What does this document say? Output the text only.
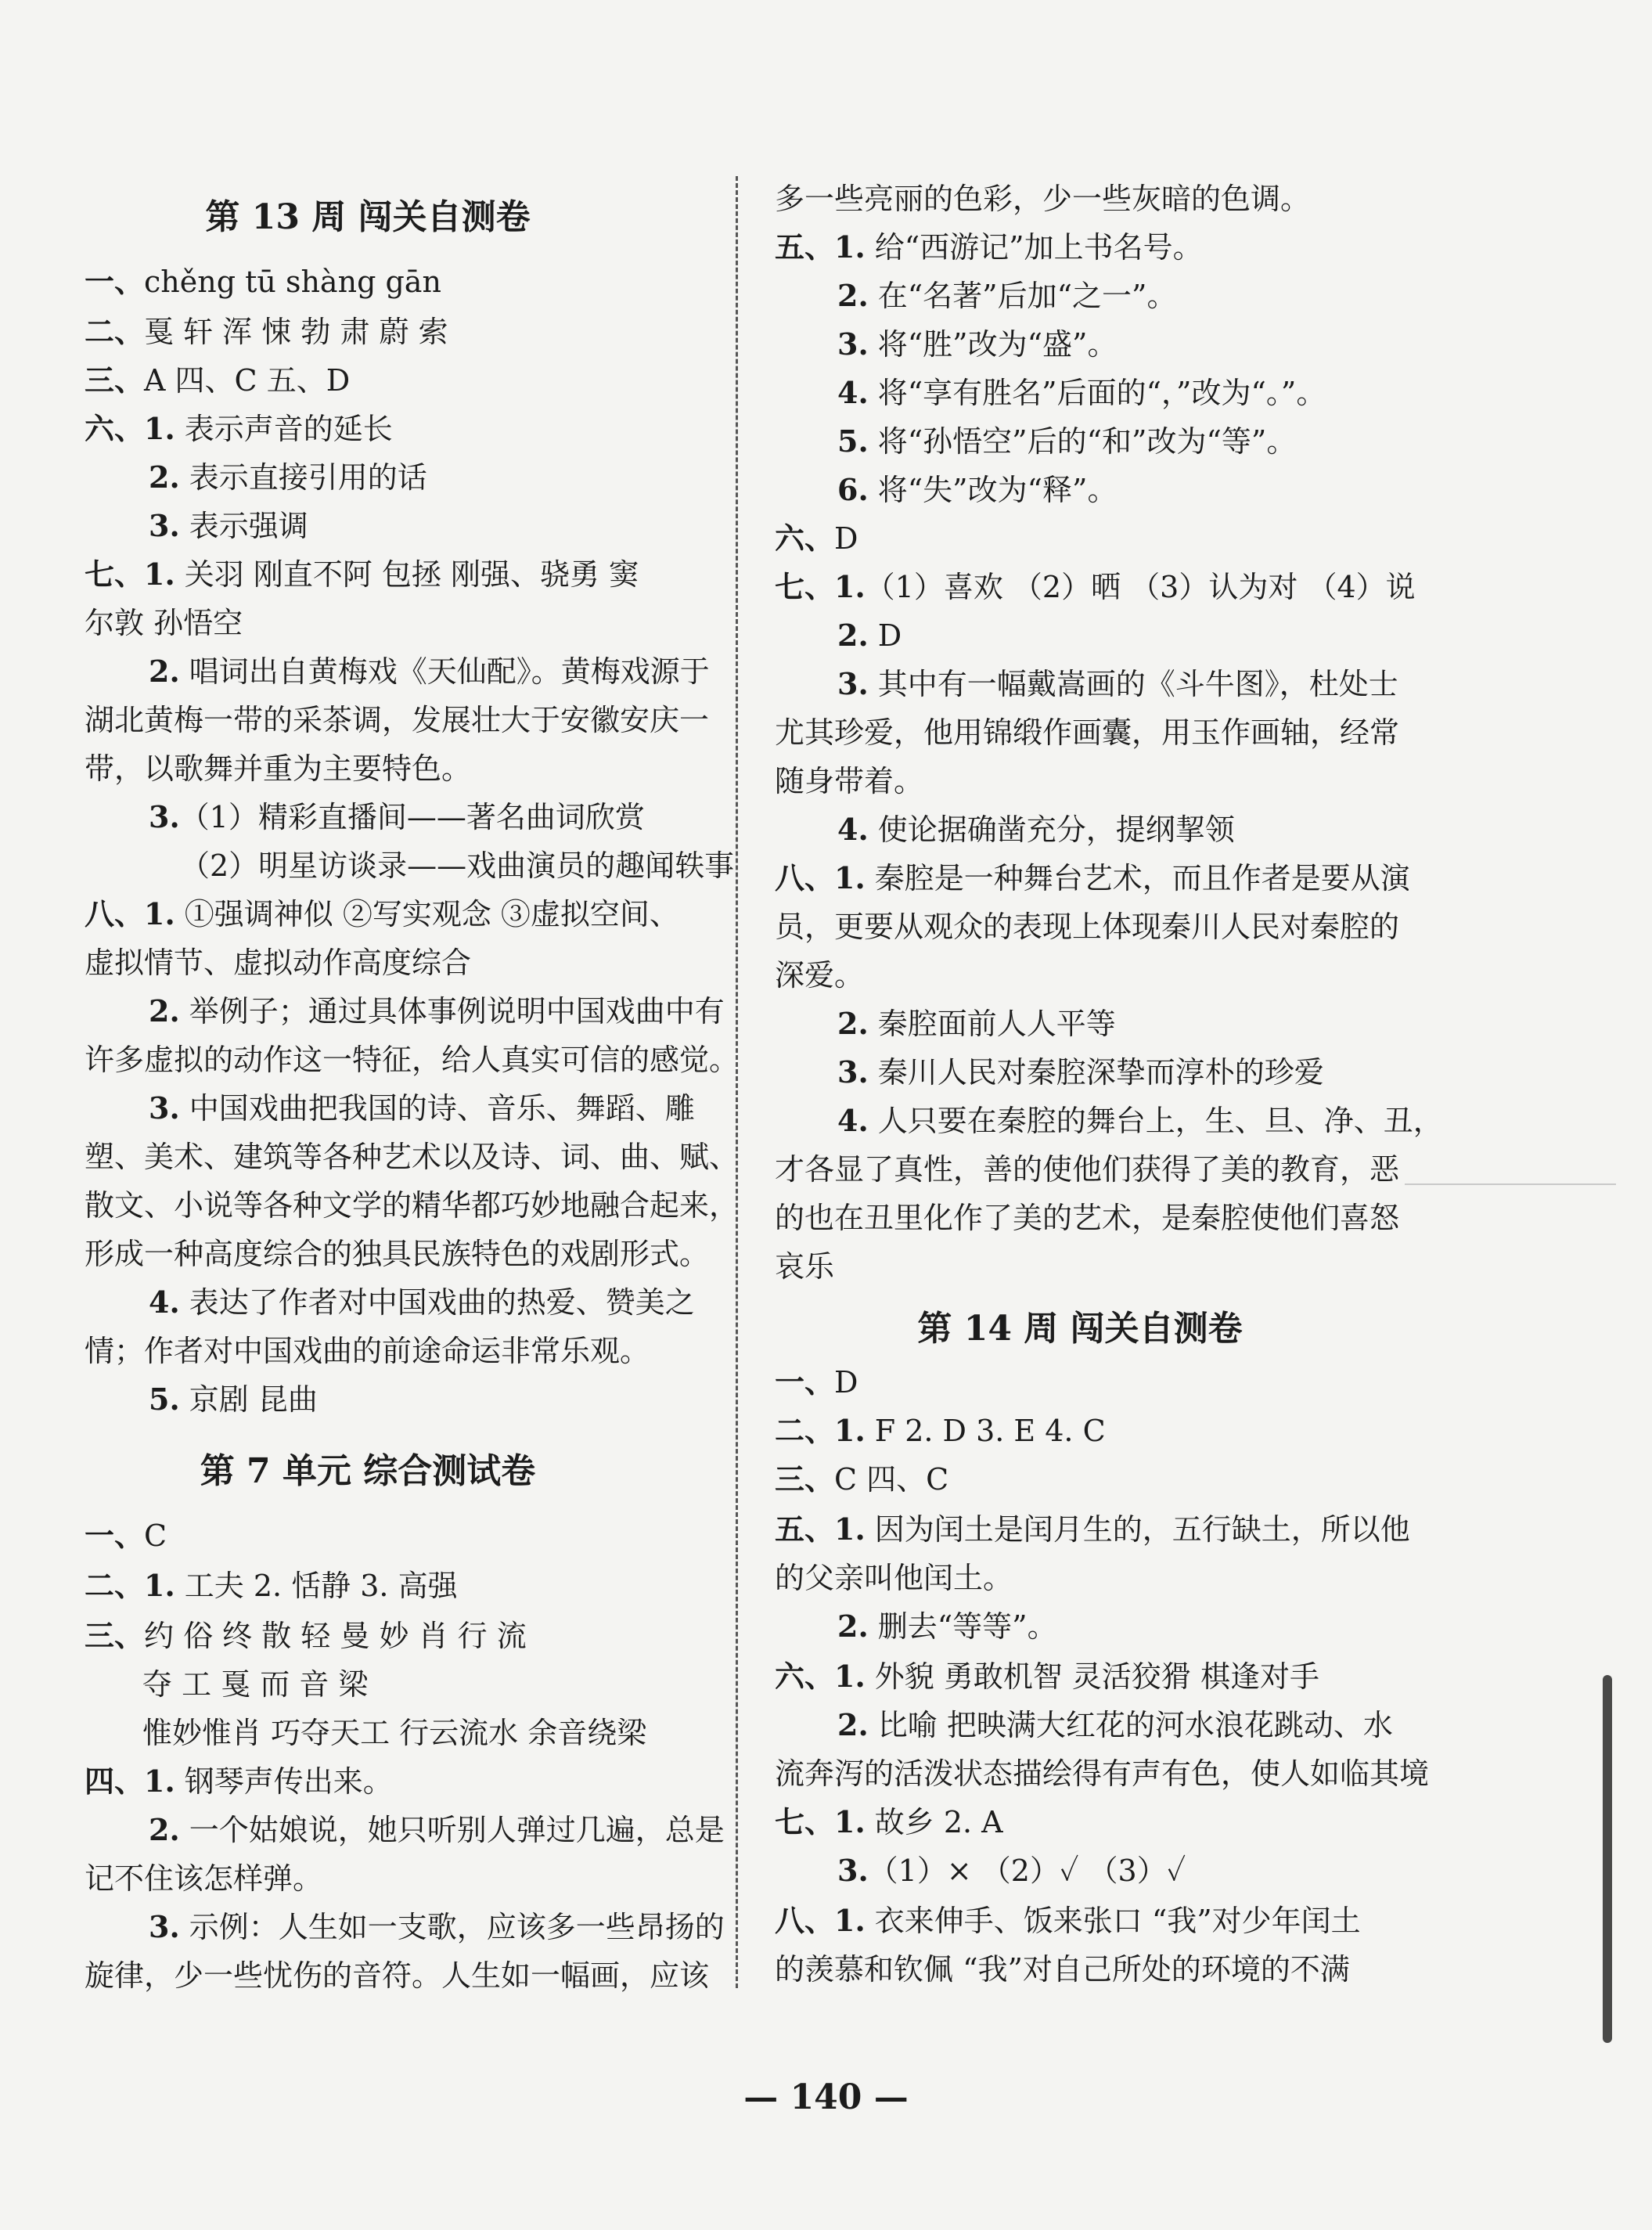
第 13 周 闯关自测卷
一、chěng tū shàng gān
二、戛 轩 浑 悚 勃 肃 蔚 索
三、A 四、C 五、D
六、1. 表示声音的延长
2. 表示直接引用的话
3. 表示强调
七、1. 关羽 刚直不阿 包拯 刚强、骁勇 窦
尔敦 孙悟空
2. 唱词出自黄梅戏《天仙配》。黄梅戏源于
湖北黄梅一带的采茶调，发展壮大于安徽安庆一
带，以歌舞并重为主要特色。
3.（1）精彩直播间——著名曲词欣赏
（2）明星访谈录——戏曲演员的趣闻轶事
八、1. ①强调神似 ②写实观念 ③虚拟空间、
虚拟情节、虚拟动作高度综合
2. 举例子；通过具体事例说明中国戏曲中有
许多虚拟的动作这一特征，给人真实可信的感觉。
3. 中国戏曲把我国的诗、音乐、舞蹈、雕
塑、美术、建筑等各种艺术以及诗、词、曲、赋、
散文、小说等各种文学的精华都巧妙地融合起来，
形成一种高度综合的独具民族特色的戏剧形式。
4. 表达了作者对中国戏曲的热爱、赞美之
情；作者对中国戏曲的前途命运非常乐观。
5. 京剧 昆曲
第 7 单元 综合测试卷
一、C
二、1. 工夫 2. 恬静 3. 高强
三、约 俗 终 散 轻 曼 妙 肖 行 流
夺 工 戛 而 音 梁
惟妙惟肖 巧夺天工 行云流水 余音绕梁
四、1. 钢琴声传出来。
2. 一个姑娘说，她只听别人弹过几遍，总是
记不住该怎样弹。
3. 示例：人生如一支歌，应该多一些昂扬的
旋律，少一些忧伤的音符。人生如一幅画，应该
多一些亮丽的色彩，少一些灰暗的色调。
五、1. 给“西游记”加上书名号。
2. 在“名著”后加“之一”。
3. 将“胜”改为“盛”。
4. 将“享有胜名”后面的“，”改为“。”。
5. 将“孙悟空”后的“和”改为“等”。
6. 将“失”改为“释”。
六、D
七、1.（1）喜欢 （2）晒 （3）认为对 （4）说
2. D
3. 其中有一幅戴嵩画的《斗牛图》，杜处士
尤其珍爱，他用锦缎作画囊，用玉作画轴，经常
随身带着。
4. 使论据确凿充分，提纲挈领
八、1. 秦腔是一种舞台艺术，而且作者是要从演
员，更要从观众的表现上体现秦川人民对秦腔的
深爱。
2. 秦腔面前人人平等
3. 秦川人民对秦腔深挚而淳朴的珍爱
4. 人只要在秦腔的舞台上，生、旦、净、丑，
才各显了真性，善的使他们获得了美的教育，恶
的也在丑里化作了美的艺术，是秦腔使他们喜怒
哀乐
第 14 周 闯关自测卷
一、D
二、1. F 2. D 3. E 4. C
三、C 四、C
五、1. 因为闰土是闰月生的，五行缺土，所以他
的父亲叫他闰土。
2. 删去“等等”。
六、1. 外貌 勇敢机智 灵活狡猾 棋逢对手
2. 比喻 把映满大红花的河水浪花跳动、水
流奔泻的活泼状态描绘得有声有色，使人如临其境
七、1. 故乡 2. A
3.（1）× （2）✓ （3）✓
八、1. 衣来伸手、饭来张口 “我”对少年闰土
的羡慕和钦佩 “我”对自己所处的环境的不满
— 140 —
